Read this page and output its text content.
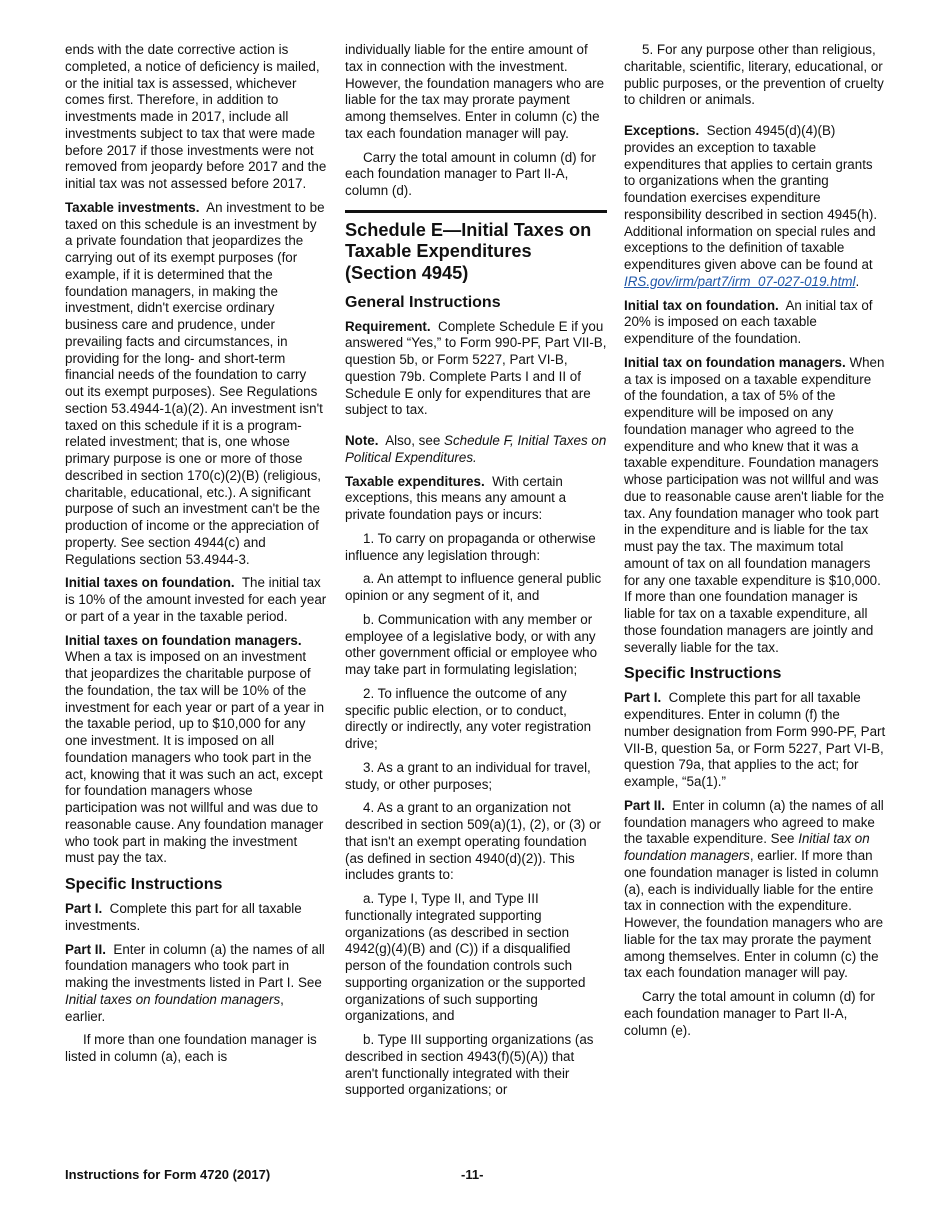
ends with the date corrective action is completed, a notice of deficiency is mailed, or the initial tax is assessed, whichever comes first. Therefore, in addition to investments made in 2017, include all investments subject to tax that were made before 2017 if those investments were not removed from jeopardy before 2017 and the initial tax was not assessed before 2017.

Taxable investments. An investment to be taxed on this schedule is an investment by a private foundation that jeopardizes the carrying out of its exempt purposes (for example, if it is determined that the foundation managers, in making the investment, didn't exercise ordinary business care and prudence, under prevailing facts and circumstances, in providing for the long- and short-term financial needs of the foundation to carry out its exempt purposes). See Regulations section 53.4944-1(a)(2). An investment isn't taxed on this schedule if it is a program-related investment; that is, one whose primary purpose is one or more of those described in section 170(c)(2)(B) (religious, charitable, educational, etc.). A significant purpose of such an investment can't be the production of income or the appreciation of property. See section 4944(c) and Regulations section 53.4944-3.

Initial taxes on foundation. The initial tax is 10% of the amount invested for each year or part of a year in the taxable period.

Initial taxes on foundation managers.  When a tax is imposed on an investment that jeopardizes the charitable purpose of the foundation, the tax will be 10% of the investment for each year or part of a year in the taxable period, up to $10,000 for any one investment. It is imposed on all foundation managers who took part in the act, knowing that it was such an act, except for foundation managers whose participation was not willful and was due to reasonable cause. Any foundation manager who took part in making the investment must pay the tax.

Specific Instructions

Part I. Complete this part for all taxable investments.

Part II. Enter in column (a) the names of all foundation managers who took part in making the investments listed in Part I. See Initial taxes on foundation managers, earlier.

If more than one foundation manager is listed in column (a), each is

individually liable for the entire amount of tax in connection with the investment. However, the foundation managers who are liable for the tax may prorate payment among themselves. Enter in column (c) the tax each foundation manager will pay.

Carry the total amount in column (d) for each foundation manager to Part II-A, column (d).

Schedule E—Initial Taxes on Taxable Expenditures (Section 4945)
General Instructions

Requirement. Complete Schedule E if you answered “Yes,” to Form 990-PF, Part VII-B, question 5b, or Form 5227, Part VI-B, question 79b. Complete Parts I and II of Schedule E only for expenditures that are subject to tax.

Note. Also, see Schedule F, Initial Taxes on Political Expenditures.

Taxable expenditures. With certain exceptions, this means any amount a private foundation pays or incurs:

1. To carry on propaganda or otherwise influence any legislation through:

a. An attempt to influence general public opinion or any segment of it, and

b. Communication with any member or employee of a legislative body, or with any other government official or employee who may take part in formulating legislation;

2. To influence the outcome of any specific public election, or to conduct, directly or indirectly, any voter registration drive;

3. As a grant to an individual for travel, study, or other purposes;

4. As a grant to an organization not described in section 509(a)(1), (2), or (3) or that isn't an exempt operating foundation (as defined in section 4940(d)(2)). This includes grants to:

a. Type I, Type II, and Type III functionally integrated supporting organizations (as described in section 4942(g)(4)(B) and (C)) if a disqualified person of the foundation controls such supporting organization or the supported organizations of such supporting organizations, and

b. Type III supporting organizations (as described in section 4943(f)(5)(A)) that aren't functionally integrated with their supported organizations; or

5. For any purpose other than religious, charitable, scientific, literary, educational, or public purposes, or the prevention of cruelty to children or animals.

Exceptions. Section 4945(d)(4)(B) provides an exception to taxable expenditures that applies to certain grants to organizations when the granting foundation exercises expenditure responsibility described in section 4945(h). Additional information on special rules and exceptions to the definition of taxable expenditures given above can be found at IRS.gov/irm/part7/irm_07-027-019.html.

Initial tax on foundation. An initial tax of 20% is imposed on each taxable expenditure of the foundation.

Initial tax on foundation managers. When a tax is imposed on a taxable expenditure of the foundation, a tax of 5% of the expenditure will be imposed on any foundation manager who agreed to the expenditure and who knew that it was a taxable expenditure. Foundation managers whose participation was not willful and was due to reasonable cause aren't liable for the tax. Any foundation manager who took part in the expenditure and is liable for the tax must pay the tax. The maximum total amount of tax on all foundation managers for any one taxable expenditure is $10,000. If more than one foundation manager is liable for tax on a taxable expenditure, all those foundation managers are jointly and severally liable for the tax.

Specific Instructions

Part I. Complete this part for all taxable expenditures. Enter in column (f) the number designation from Form 990-PF, Part VII-B, question 5a, or Form 5227, Part VI-B, question 79a, that applies to the act; for example, “5a(1).”

Part II. Enter in column (a) the names of all foundation managers who agreed to make the taxable expenditure. See Initial tax on foundation managers, earlier. If more than one foundation manager is listed in column (a), each is individually liable for the entire tax in connection with the expenditure. However, the foundation managers who are liable for the tax may prorate the payment among themselves. Enter in column (c) the tax each foundation manager will pay.

Carry the total amount in column (d) for each foundation manager to Part II-A, column (e).

Instructions for Form 4720 (2017)	-11-
